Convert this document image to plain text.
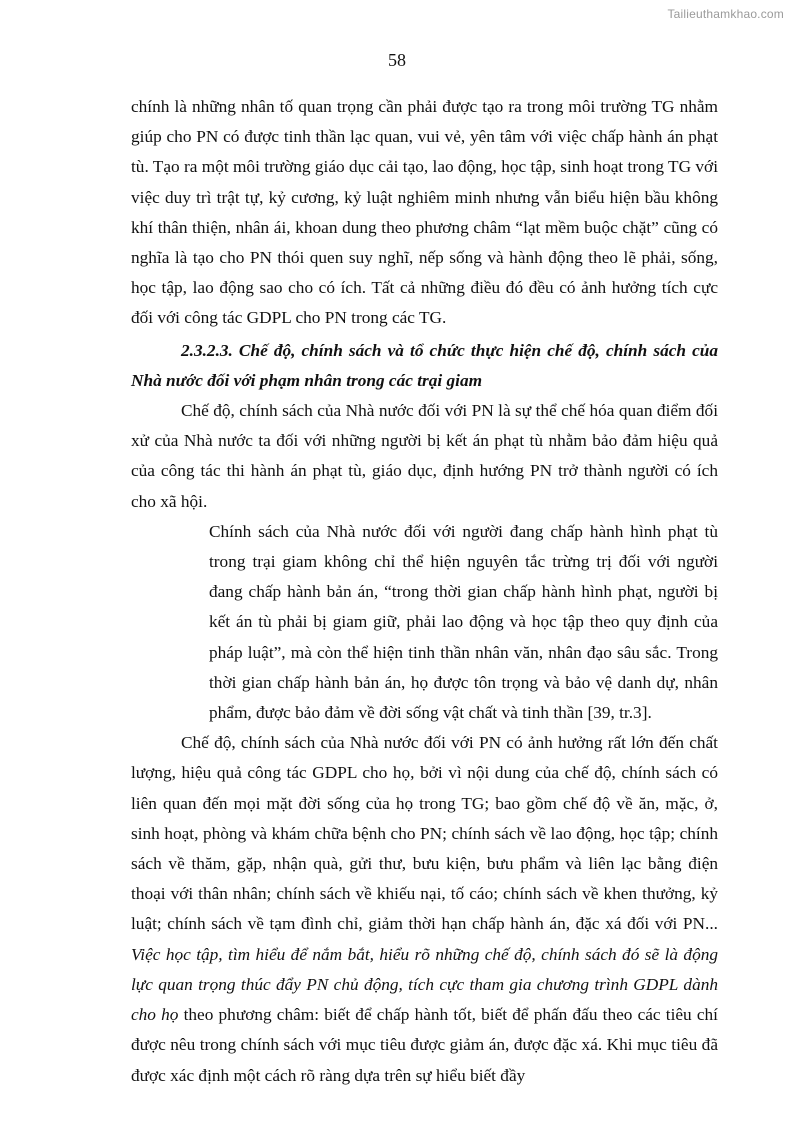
Tailieuthamkhao.com
58

chính là những nhân tố quan trọng cần phải được tạo ra trong môi trường TG nhằm giúp cho PN có được tinh thần lạc quan, vui vẻ, yên tâm với việc chấp hành án phạt tù. Tạo ra một môi trường giáo dục cải tạo, lao động, học tập, sinh hoạt trong TG với việc duy trì trật tự, kỷ cương, kỷ luật nghiêm minh nhưng vẫn biểu hiện bầu không khí thân thiện, nhân ái, khoan dung theo phương châm “lạt mềm buộc chặt” cũng có nghĩa là tạo cho PN thói quen suy nghĩ, nếp sống và hành động theo lẽ phải, sống, học tập, lao động sao cho có ích. Tất cả những điều đó đều có ảnh hưởng tích cực đối với công tác GDPL cho PN trong các TG.

2.3.2.3. Chế độ, chính sách và tổ chức thực hiện chế độ, chính sách của Nhà nước đối với phạm nhân trong các trại giam

Chế độ, chính sách của Nhà nước đối với PN là sự thể chế hóa quan điểm đối xử của Nhà nước ta đối với những người bị kết án phạt tù nhằm bảo đảm hiệu quả của công tác thi hành án phạt tù, giáo dục, định hướng PN trở thành người có ích cho xã hội.

Chính sách của Nhà nước đối với người đang chấp hành hình phạt tù trong trại giam không chỉ thể hiện nguyên tắc trừng trị đối với người đang chấp hành bản án, “trong thời gian chấp hành hình phạt, người bị kết án tù phải bị giam giữ, phải lao động và học tập theo quy định của pháp luật”, mà còn thể hiện tinh thần nhân văn, nhân đạo sâu sắc. Trong thời gian chấp hành bản án, họ được tôn trọng và bảo vệ danh dự, nhân phẩm, được bảo đảm về đời sống vật chất và tinh thần [39, tr.3].

Chế độ, chính sách của Nhà nước đối với PN có ảnh hưởng rất lớn đến chất lượng, hiệu quả công tác GDPL cho họ, bởi vì nội dung của chế độ, chính sách có liên quan đến mọi mặt đời sống của họ trong TG; bao gồm chế độ về ăn, mặc, ở, sinh hoạt, phòng và khám chữa bệnh cho PN; chính sách về lao động, học tập; chính sách về thăm, gặp, nhận quà, gửi thư, bưu kiện, bưu phẩm và liên lạc bằng điện thoại với thân nhân; chính sách về khiếu nại, tố cáo; chính sách về khen thưởng, kỷ luật; chính sách về tạm đình chỉ, giảm thời hạn chấp hành án, đặc xá đối với PN... Việc học tập, tìm hiểu để nắm bắt, hiểu rõ những chế độ, chính sách đó sẽ là động lực quan trọng thúc đẩy PN chủ động, tích cực tham gia chương trình GDPL dành cho họ theo phương châm: biết để chấp hành tốt, biết để phấn đấu theo các tiêu chí được nêu trong chính sách với mục tiêu được giảm án, được đặc xá. Khi mục tiêu đã được xác định một cách rõ ràng dựa trên sự hiểu biết đầy
